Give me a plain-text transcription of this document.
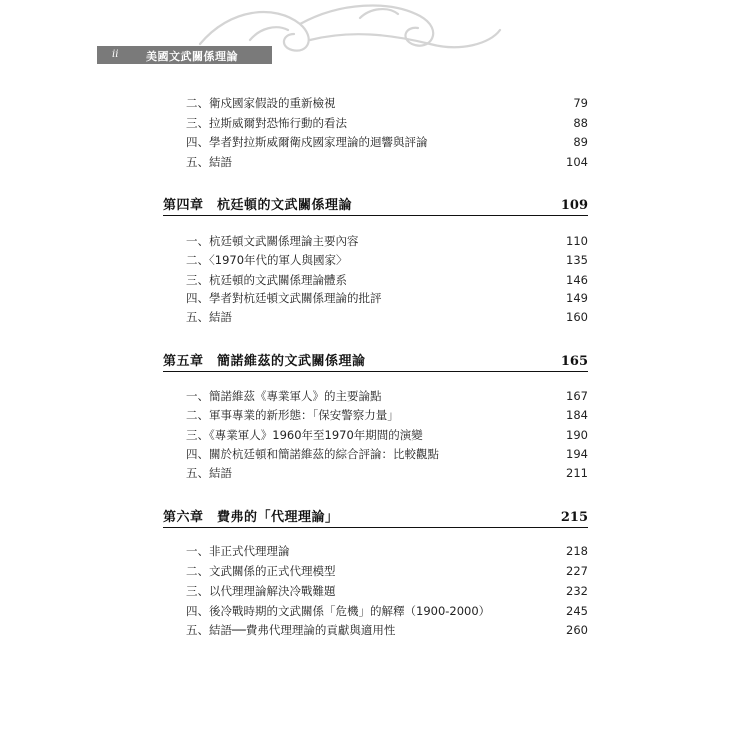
ii	美國文武關係理論
二、衛戍國家假設的重新檢視	79
三、拉斯威爾對恐怖行動的看法	88
四、學者對拉斯威爾衛戍國家理論的迴響與評論	89
五、結語	104
第四章　杭廷頓的文武關係理論	109
一、杭廷頓文武關係理論主要內容	110
二、〈1970年代的軍人與國家〉	135
三、杭廷頓的文武關係理論體系	146
四、學者對杭廷頓文武關係理論的批評	149
五、結語	160
第五章　簡諾維茲的文武關係理論	165
一、簡諾維茲《專業軍人》的主要論點	167
二、軍事專業的新形態：「保安警察力量」	184
三、《專業軍人》1960年至1970年期間的演變	190
四、關於杭廷頓和簡諾維茲的綜合評論：比較觀點	194
五、結語	211
第六章　費弗的「代理理論」	215
一、非正式代理理論	218
二、文武關係的正式代理模型	227
三、以代理理論解決冷戰難題	232
四、後冷戰時期的文武關係「危機」的解釋（1900-2000）	245
五、結語──費弗代理理論的貢獻與適用性	260
